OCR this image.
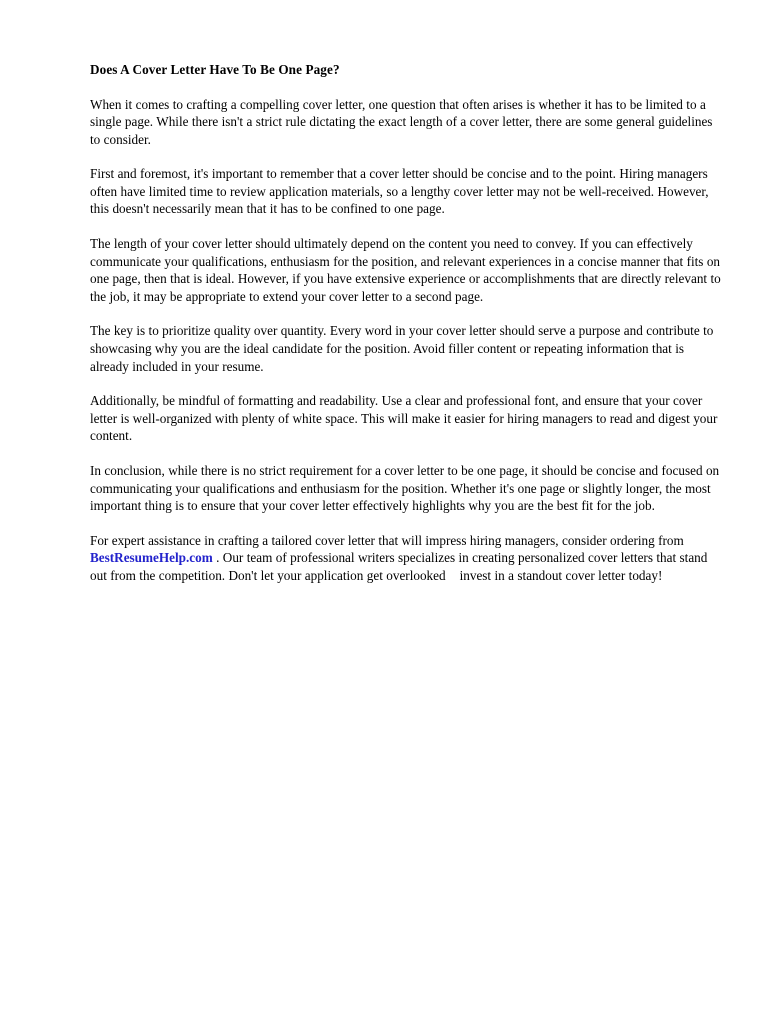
Does A Cover Letter Have To Be One Page?

When it comes to crafting a compelling cover letter, one question that often arises is whether it has to be limited to a single page. While there isn't a strict rule dictating the exact length of a cover letter, there are some general guidelines to consider.

First and foremost, it's important to remember that a cover letter should be concise and to the point. Hiring managers often have limited time to review application materials, so a lengthy cover letter may not be well-received. However, this doesn't necessarily mean that it has to be confined to one page.

The length of your cover letter should ultimately depend on the content you need to convey. If you can effectively communicate your qualifications, enthusiasm for the position, and relevant experiences in a concise manner that fits on one page, then that is ideal. However, if you have extensive experience or accomplishments that are directly relevant to the job, it may be appropriate to extend your cover letter to a second page.

The key is to prioritize quality over quantity. Every word in your cover letter should serve a purpose and contribute to showcasing why you are the ideal candidate for the position. Avoid filler content or repeating information that is already included in your resume.

Additionally, be mindful of formatting and readability. Use a clear and professional font, and ensure that your cover letter is well-organized with plenty of white space. This will make it easier for hiring managers to read and digest your content.

In conclusion, while there is no strict requirement for a cover letter to be one page, it should be concise and focused on communicating your qualifications and enthusiasm for the position. Whether it's one page or slightly longer, the most important thing is to ensure that your cover letter effectively highlights why you are the best fit for the job.

For expert assistance in crafting a tailored cover letter that will impress hiring managers, consider ordering from BestResumeHelp.com . Our team of professional writers specializes in creating personalized cover letters that stand out from the competition. Don't let your application get overlooked invest in a standout cover letter today!
